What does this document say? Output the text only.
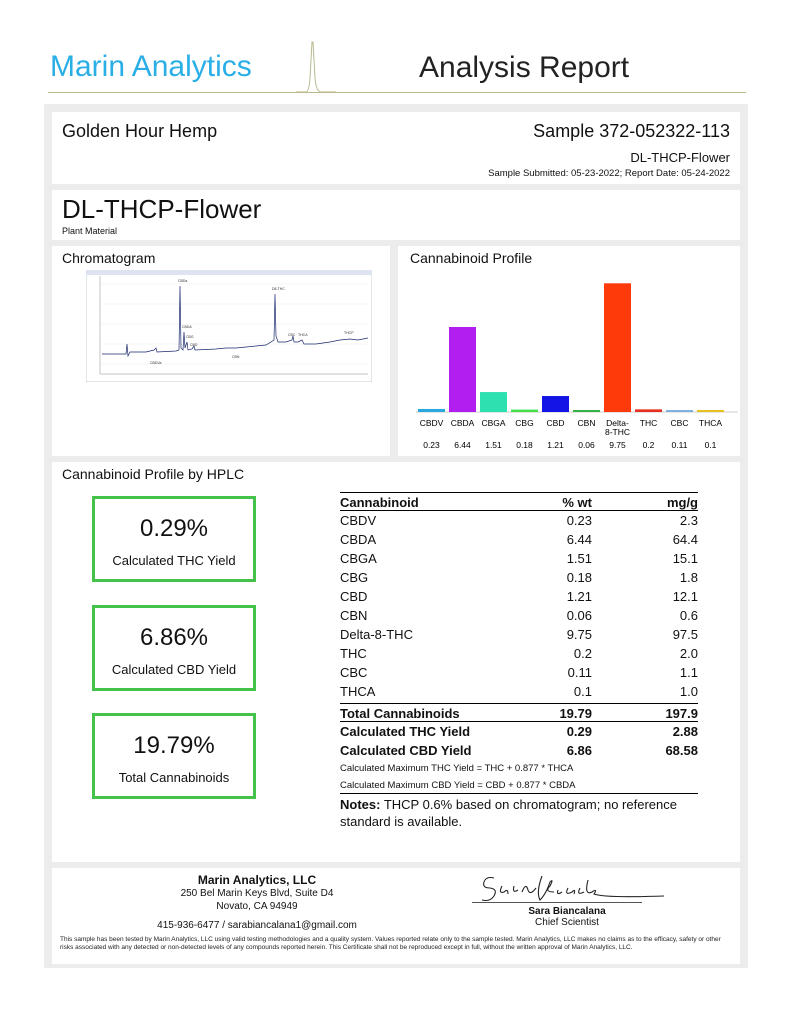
Marin Analytics	Analysis Report
Golden Hour Hemp	Sample 372-052322-113
DL-THCP-Flower
Sample Submitted: 05-23-2022; Report Date: 05-24-2022
DL-THCP-Flower
Plant Material
Chromatogram
CBDVa
CBDa
CBDA
CBG
CBD
CBN
D8-THC
CBC THCA	THCP
Cannabinoid Profile
CBDV CBDA CBGA CBG CBD CBN Delta-
8-THC
THC CBC THCA
0.23 6.44 1.51 0.18 1.21 0.06 9.75 0.2 0.11 0.1
Cannabinoid Profile by HPLC
0.29%
Calculated THC Yield
6.86%
Calculated CBD Yield
19.79%
Total Cannabinoids
Cannabinoid	% wt	mg/g
CBDV	0.23	2.3
CBDA	6.44	64.4
CBGA	1.51	15.1
CBG	0.18	1.8
CBD	1.21	12.1
CBN	0.06	0.6
Delta-8-THC	9.75	97.5
THC	0.2	2.0
CBC	0.11	1.1
THCA	0.1	1.0
Total Cannabinoids	19.79	197.9
Calculated THC Yield	0.29	2.88
Calculated CBD Yield	6.86	68.58
Calculated Maximum THC Yield = THC + 0.877 * THCA
Calculated Maximum CBD Yield = CBD + 0.877 * CBDA
Notes: THCP 0.6% based on chromatogram; no reference standard is available.
Marin Analytics, LLC
250 Bel Marin Keys Blvd, Suite D4
Novato, CA 94949
415-936-6477 / sarabiancalana1@gmail.com
Sara Biancalana
Chief Scientist
This sample has been tested by Marin Analytics, LLC using valid testing methodologies and a quality system. Values reported relate only to the sample tested. Marin Analytics, LLC makes no claims as to the efficacy, safety or other risks associated with any detected or non-detected levels of any compounds reported herein. This Certificate shall not be reproduced except in full, without the written approval of Marin Analytics, LLC.
